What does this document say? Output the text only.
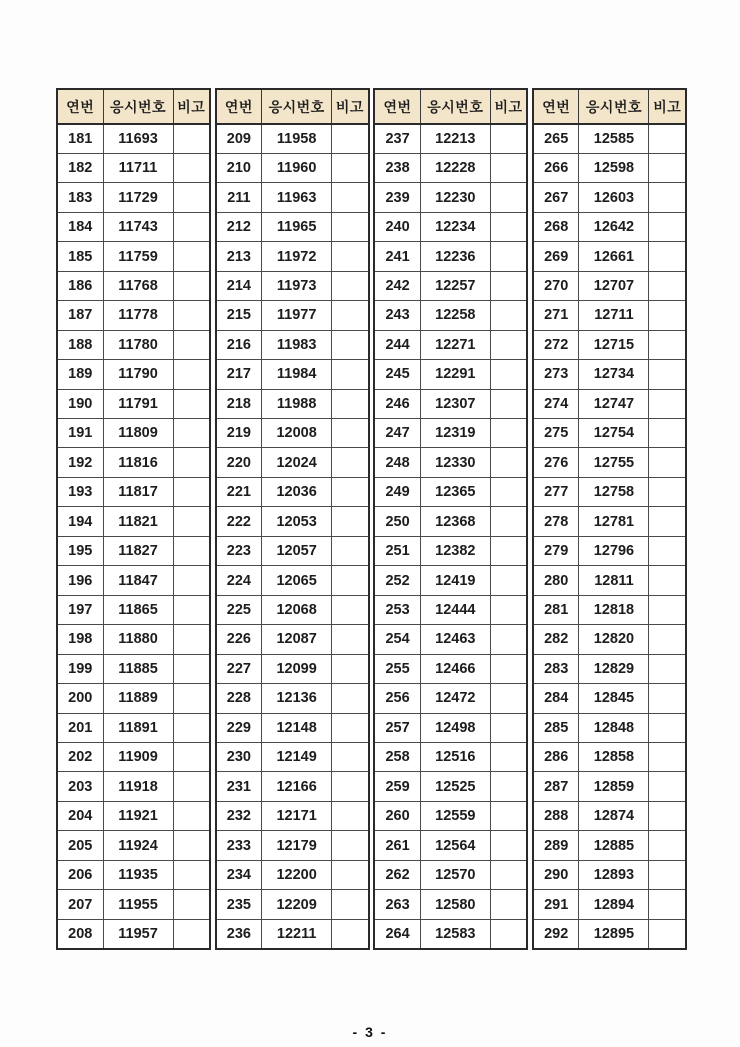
연번	응시번호	비고
181	11693	
182	11711	
183	11729	
184	11743	
185	11759	
186	11768	
187	11778	
188	11780	
189	11790	
190	11791	
191	11809	
192	11816	
193	11817	
194	11821	
195	11827	
196	11847	
197	11865	
198	11880	
199	11885	
200	11889	
201	11891	
202	11909	
203	11918	
204	11921	
205	11924	
206	11935	
207	11955	
208	11957	
연번	응시번호	비고
209	11958	
210	11960	
211	11963	
212	11965	
213	11972	
214	11973	
215	11977	
216	11983	
217	11984	
218	11988	
219	12008	
220	12024	
221	12036	
222	12053	
223	12057	
224	12065	
225	12068	
226	12087	
227	12099	
228	12136	
229	12148	
230	12149	
231	12166	
232	12171	
233	12179	
234	12200	
235	12209	
236	12211	
연번	응시번호	비고
237	12213	
238	12228	
239	12230	
240	12234	
241	12236	
242	12257	
243	12258	
244	12271	
245	12291	
246	12307	
247	12319	
248	12330	
249	12365	
250	12368	
251	12382	
252	12419	
253	12444	
254	12463	
255	12466	
256	12472	
257	12498	
258	12516	
259	12525	
260	12559	
261	12564	
262	12570	
263	12580	
264	12583	
연번	응시번호	비고
265	12585	
266	12598	
267	12603	
268	12642	
269	12661	
270	12707	
271	12711	
272	12715	
273	12734	
274	12747	
275	12754	
276	12755	
277	12758	
278	12781	
279	12796	
280	12811	
281	12818	
282	12820	
283	12829	
284	12845	
285	12848	
286	12858	
287	12859	
288	12874	
289	12885	
290	12893	
291	12894	
292	12895	
- 3 -
